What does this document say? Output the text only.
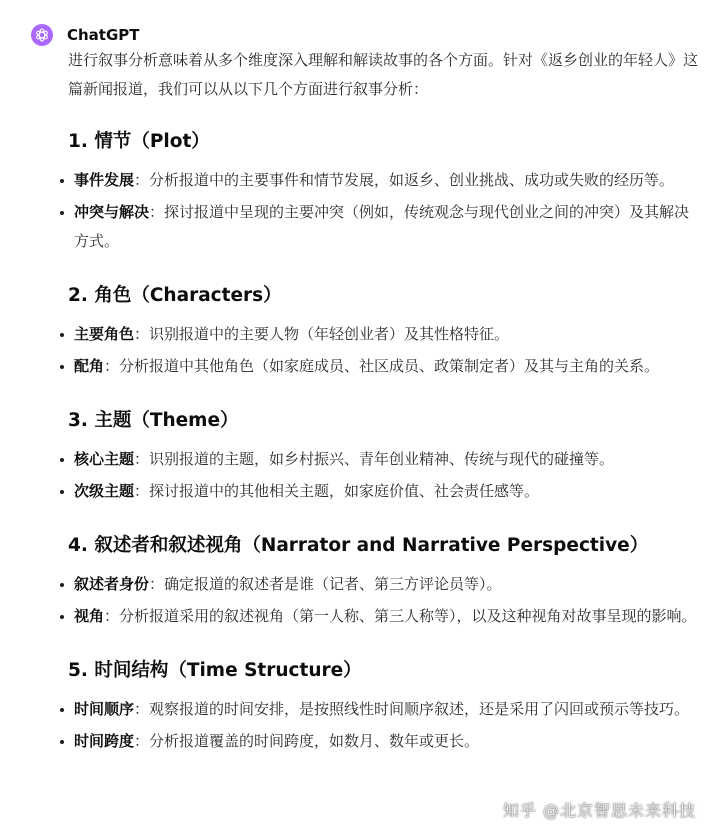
ChatGPT

进行叙事分析意味着从多个维度深入理解和解读故事的各个方面。针对《返乡创业的年轻人》这篇新闻报道，我们可以从以下几个方面进行叙事分析：

1. 情节（Plot）
事件发展：分析报道中的主要事件和情节发展，如返乡、创业挑战、成功或失败的经历等。
冲突与解决：探讨报道中呈现的主要冲突（例如，传统观念与现代创业之间的冲突）及其解决方式。
2. 角色（Characters）
主要角色：识别报道中的主要人物（年轻创业者）及其性格特征。
配角：分析报道中其他角色（如家庭成员、社区成员、政策制定者）及其与主角的关系。
3. 主题（Theme）
核心主题：识别报道的主题，如乡村振兴、青年创业精神、传统与现代的碰撞等。
次级主题：探讨报道中的其他相关主题，如家庭价值、社会责任感等。
4. 叙述者和叙述视角（Narrator and Narrative Perspective）
叙述者身份：确定报道的叙述者是谁（记者、第三方评论员等）。
视角：分析报道采用的叙述视角（第一人称、第三人称等），以及这种视角对故事呈现的影响。
5. 时间结构（Time Structure）
时间顺序：观察报道的时间安排，是按照线性时间顺序叙述，还是采用了闪回或预示等技巧。
时间跨度：分析报道覆盖的时间跨度，如数月、数年或更长。
知乎 @北京智思未来科技
